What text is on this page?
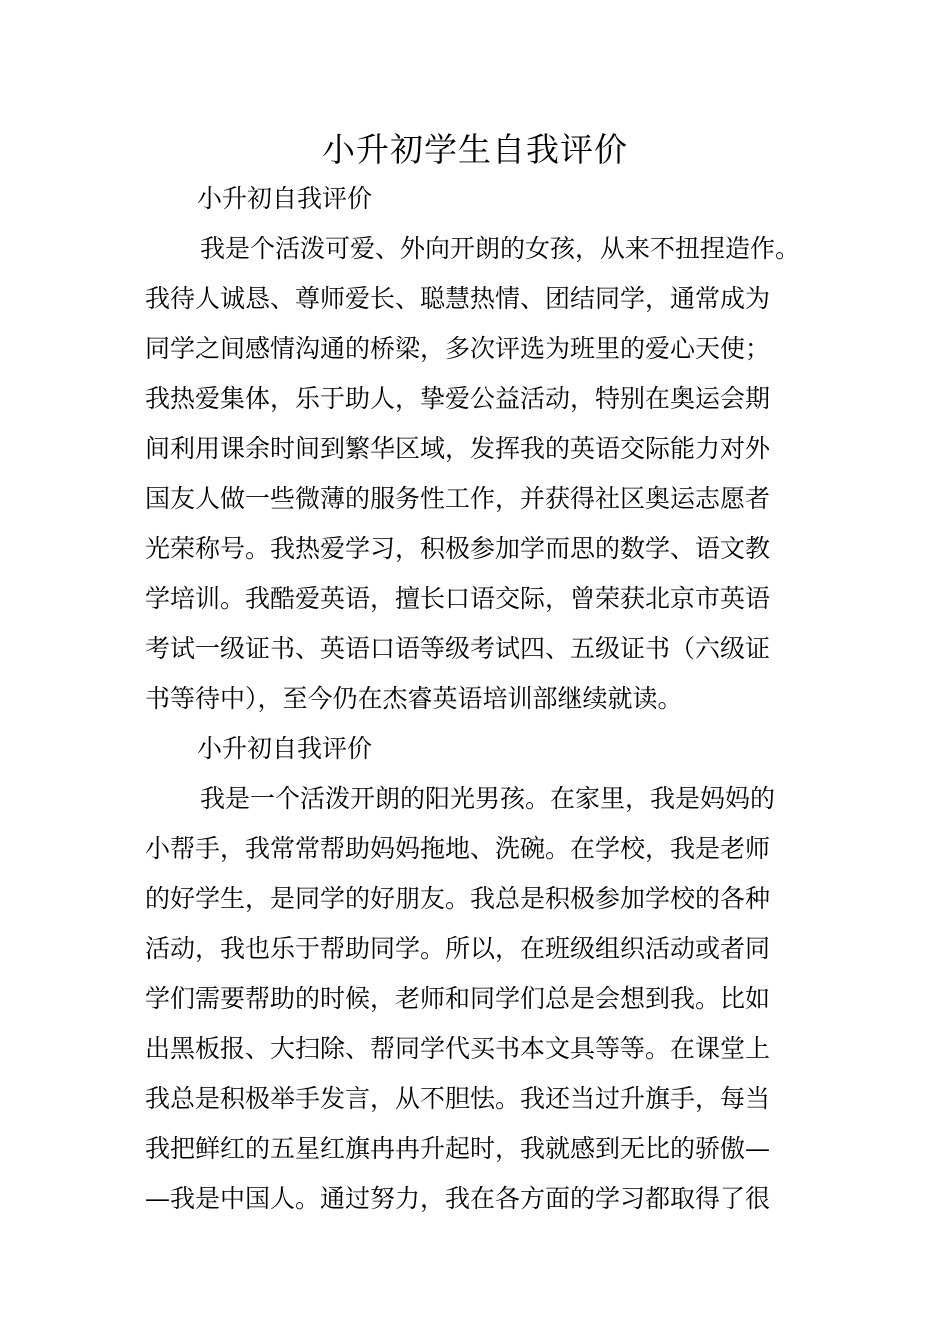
小升初学生自我评价

小升初自我评价

我是个活泼可爱、外向开朗的女孩，从来不扭捏造作。

我待人诚恳、尊师爱长、聪慧热情、团结同学，通常成为

同学之间感情沟通的桥梁，多次评选为班里的爱心天使；

我热爱集体，乐于助人，挚爱公益活动，特别在奥运会期

间利用课余时间到繁华区域，发挥我的英语交际能力对外

国友人做一些微薄的服务性工作，并获得社区奥运志愿者

光荣称号。我热爱学习，积极参加学而思的数学、语文教

学培训。我酷爱英语，擅长口语交际，曾荣获北京市英语

考试一级证书、英语口语等级考试四、五级证书（六级证

书等待中），至今仍在杰睿英语培训部继续就读。

小升初自我评价

我是一个活泼开朗的阳光男孩。在家里，我是妈妈的

小帮手，我常常帮助妈妈拖地、洗碗。在学校，我是老师

的好学生，是同学的好朋友。我总是积极参加学校的各种

活动，我也乐于帮助同学。所以，在班级组织活动或者同

学们需要帮助的时候，老师和同学们总是会想到我。比如

出黑板报、大扫除、帮同学代买书本文具等等。在课堂上

我总是积极举手发言，从不胆怯。我还当过升旗手，每当

我把鲜红的五星红旗冉冉升起时，我就感到无比的骄傲—

—我是中国人。通过努力，我在各方面的学习都取得了很
